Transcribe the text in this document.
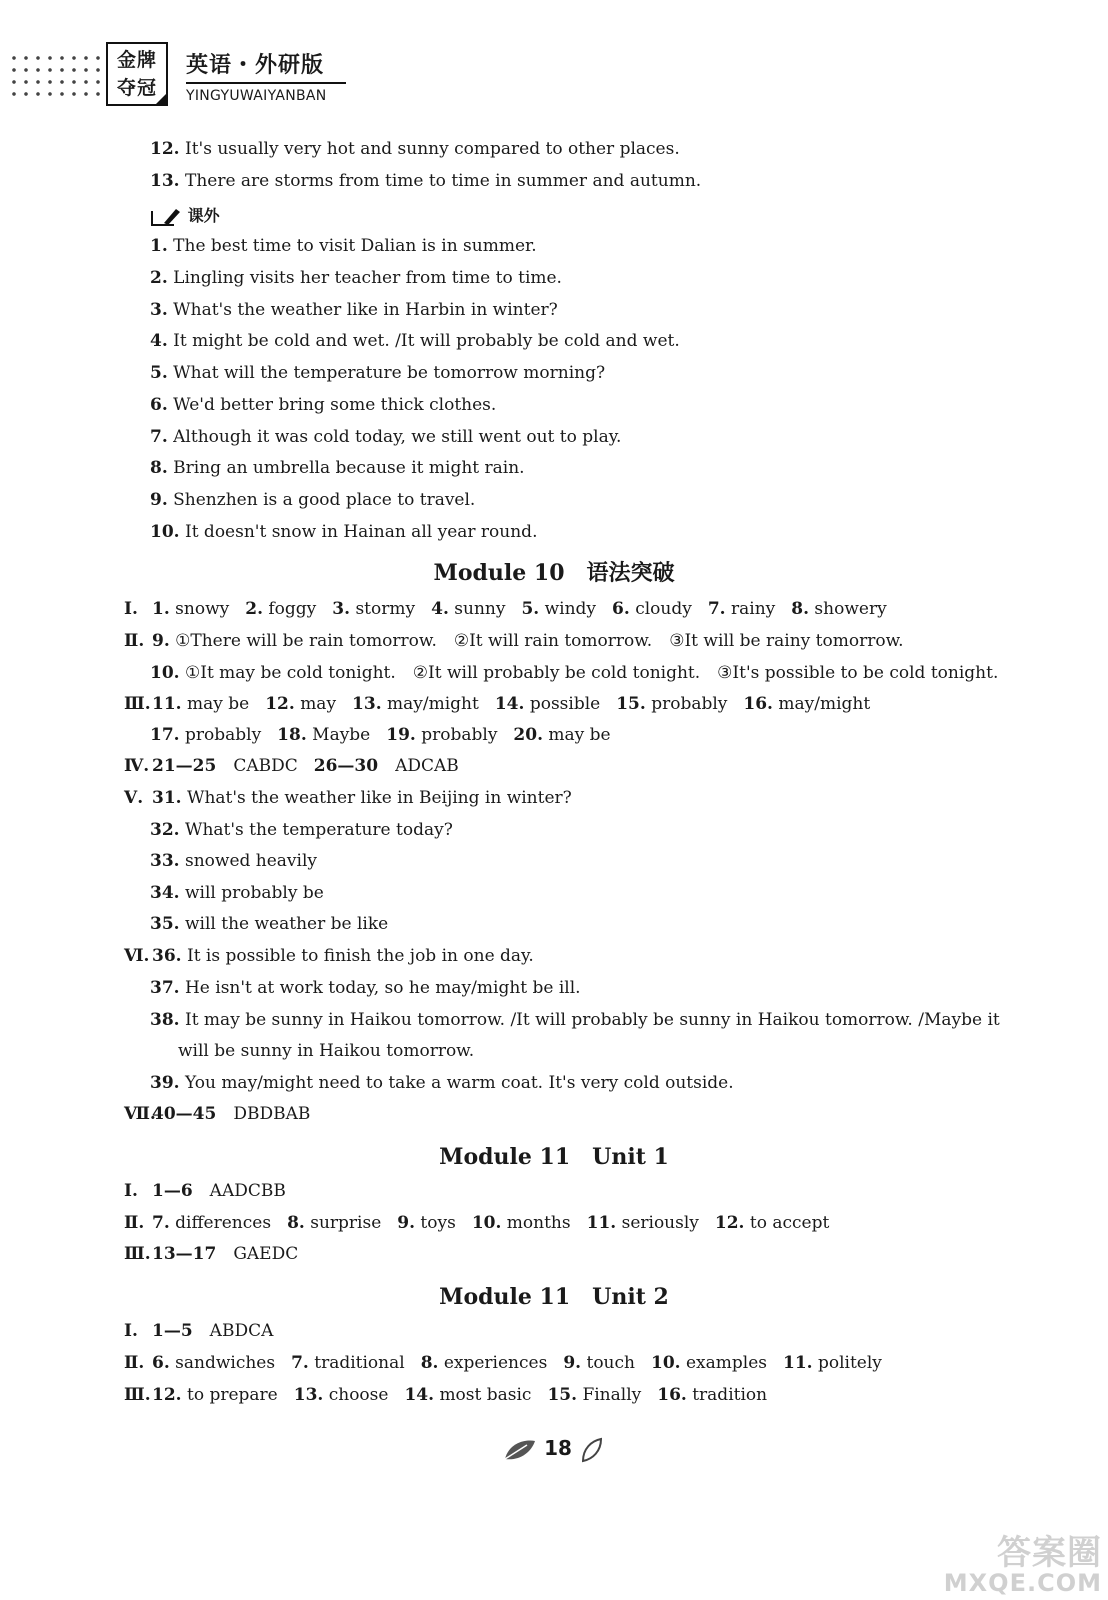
金牌
夺冠
英语・外研版
YINGYUWAIYANBAN
12. It's usually very hot and sunny compared to other places.
13. There are storms from time to time in summer and autumn.
课外
1. The best time to visit Dalian is in summer.
2. Lingling visits her teacher from time to time.
3. What's the weather like in Harbin in winter?
4. It might be cold and wet. /It will probably be cold and wet.
5. What will the temperature be tomorrow morning?
6. We'd better bring some thick clothes.
7. Although it was cold today, we still went out to play.
8. Bring an umbrella because it might rain.
9. Shenzhen is a good place to travel.
10. It doesn't snow in Hainan all year round.
Module 10　语法突破
Ⅰ. 1. snowy 2. foggy 3. stormy 4. sunny 5. windy 6. cloudy 7. rainy 8. showery
Ⅱ. 9. ①There will be rain tomorrow.　②It will rain tomorrow.　③It will be rainy tomorrow.
10. ①It may be cold tonight.　②It will probably be cold tonight.　③It's possible to be cold tonight.
Ⅲ.11. may be 12. may 13. may/might 14. possible 15. probably 16. may/might
17. probably 18. Maybe 19. probably 20. may be
Ⅳ. 21—25　 CABDC 26—30　 ADCAB
Ⅴ. 31. What's the weather like in Beijing in winter?
32. What's the temperature today?
33. snowed heavily
34. will probably be
35. will the weather be like
Ⅵ. 36. It is possible to finish the job in one day.
37. He isn't at work today, so he may/might be ill.
38. It may be sunny in Haikou tomorrow. /It will probably be sunny in Haikou tomorrow. /Maybe it
will be sunny in Haikou tomorrow.
39. You may/might need to take a warm coat. It's very cold outside.
Ⅶ.40—45　 DBDBAB
Module 11　Unit 1
Ⅰ. 1—6　 AADCBB
Ⅱ. 7. differences 8. surprise 9. toys 10. months 11. seriously 12. to accept
Ⅲ.13—17　 GAEDC
Module 11　Unit 2
Ⅰ. 1—5　 ABDCA
Ⅱ. 6. sandwiches 7. traditional 8. experiences 9. touch 10. examples 11. politely
Ⅲ.12. to prepare 13. choose 14. most basic 15. Finally 16. tradition
18
答案圈
MXQE.COM
